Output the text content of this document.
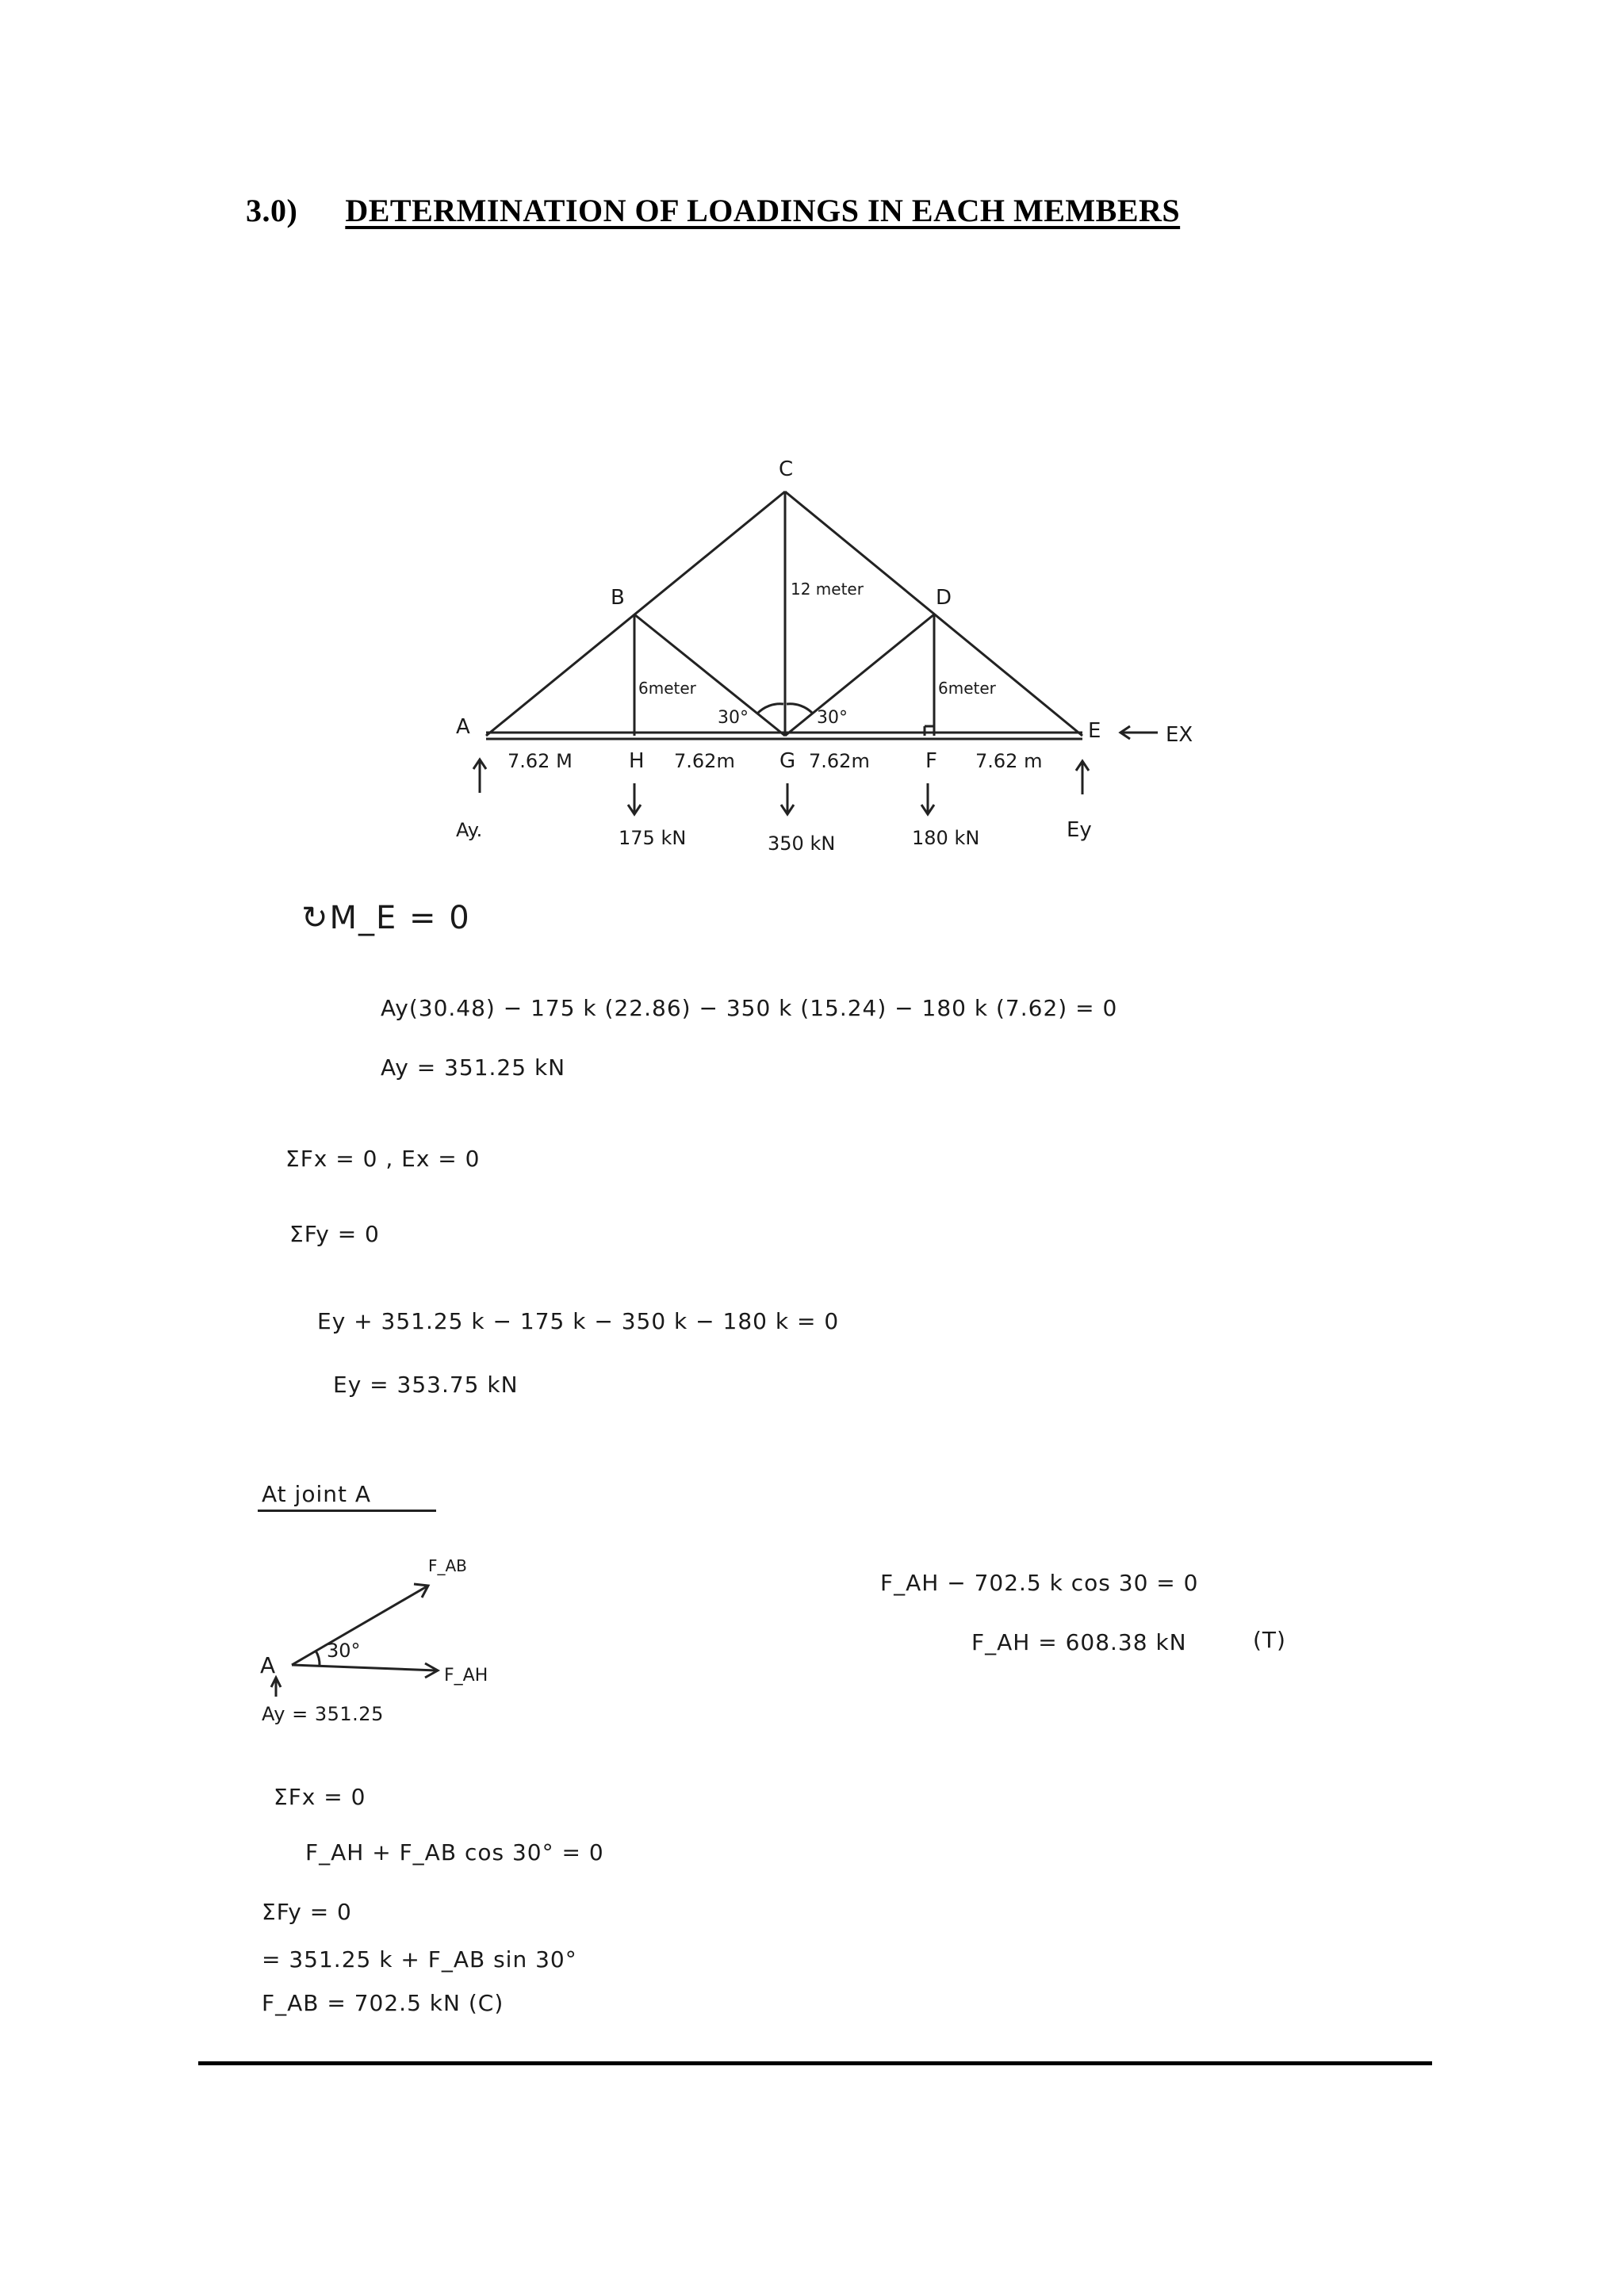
3.0) DETERMINATION OF LOADINGS IN EACH MEMBERS
C
B	D
A	E
H	G	F
7.62 M	7.62m	7.62m	7.62 m
6meter
12 meter
6meter
30°	30°
175 kN	350 kN	180 kN
Ay.	Ey
EX
↻M_E = 0
Ay(30.48) − 175 k (22.86) − 350 k (15.24) − 180 k (7.62) = 0
Ay = 351.25 kN
ΣFx = 0 , Ex = 0
ΣFy = 0
Ey + 351.25 k − 175 k − 350 k − 180 k = 0
Ey = 353.75 kN
At joint A
A
F_AB
F_AH
30°
Ay = 351.25
ΣFx = 0
F_AH + F_AB cos 30° = 0
ΣFy = 0
= 351.25 k + F_AB sin 30°
F_AB = 702.5 kN (C)
F_AH − 702.5 k cos 30 = 0
F_AH = 608.38 kN	(T)
